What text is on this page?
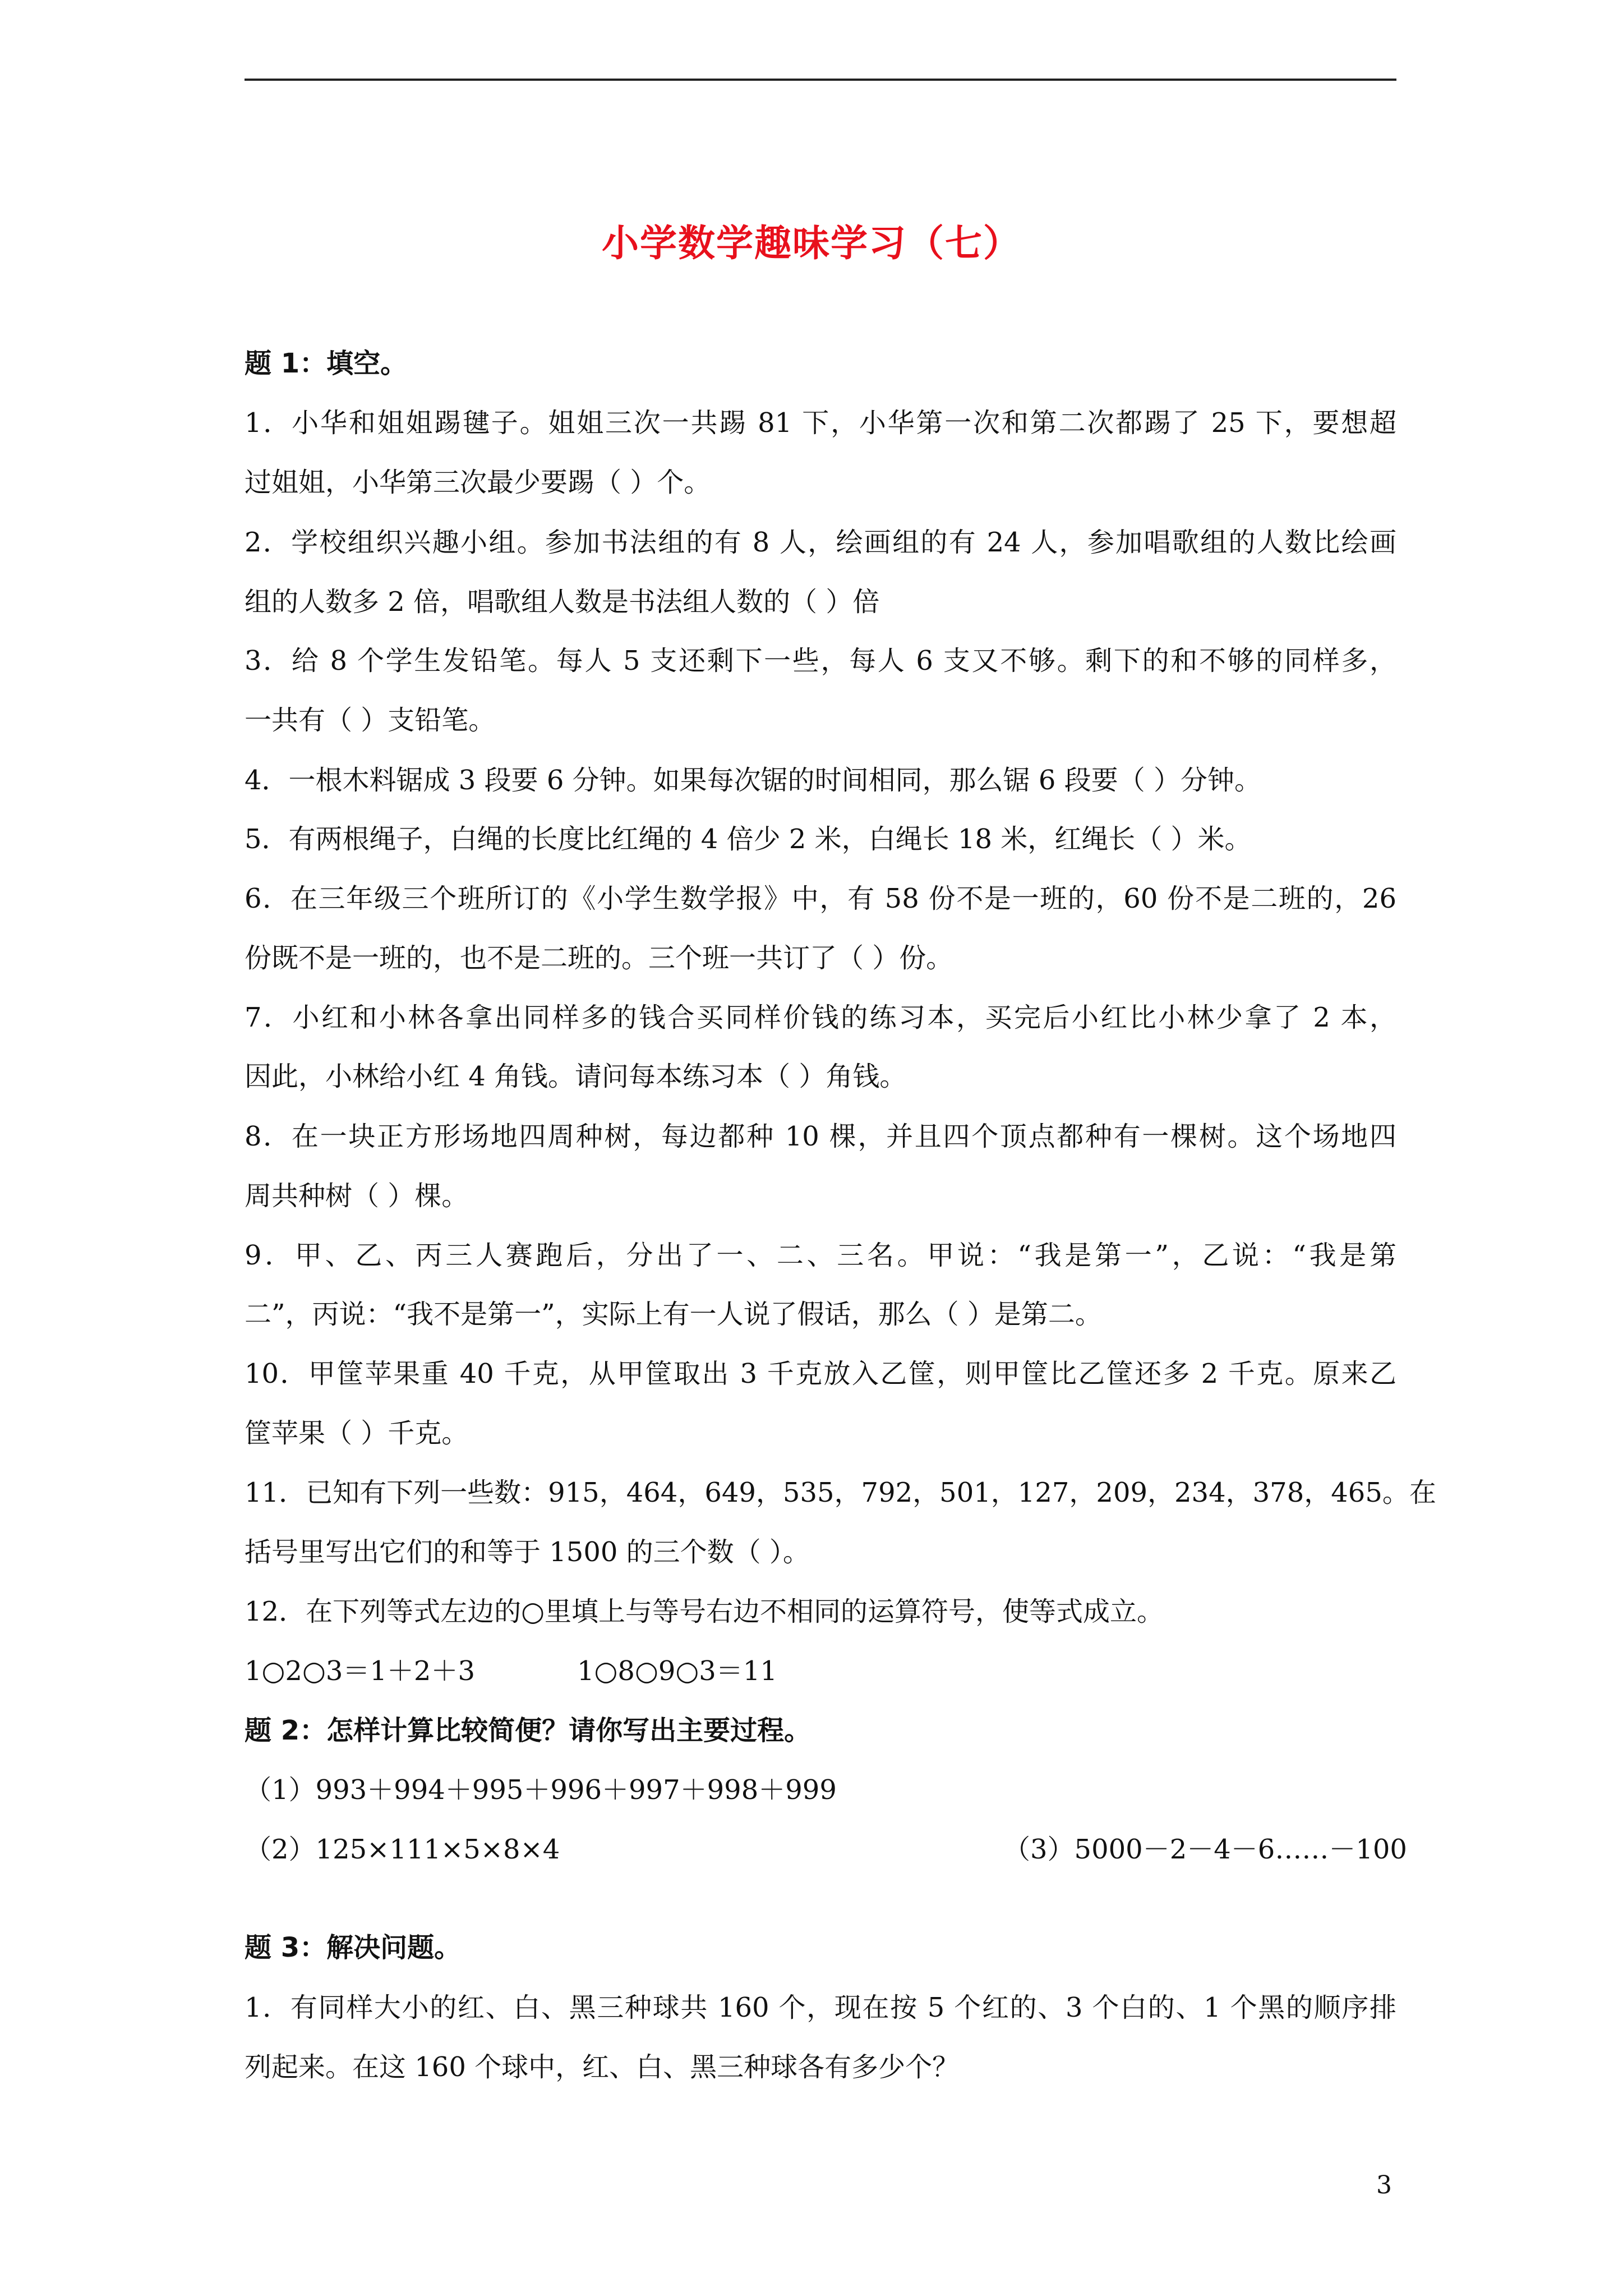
小学数学趣味学习（七）
题 1：填空。
1．小华和姐姐踢毽子。姐姐三次一共踢 81 下，小华第一次和第二次都踢了 25 下，要想超
过姐姐，小华第三次最少要踢（ ）个。
2．学校组织兴趣小组。参加书法组的有 8 人，绘画组的有 24 人，参加唱歌组的人数比绘画
组的人数多 2 倍，唱歌组人数是书法组人数的（ ）倍
3．给 8 个学生发铅笔。每人 5 支还剩下一些，每人 6 支又不够。剩下的和不够的同样多，
一共有（ ）支铅笔。
4．一根木料锯成 3 段要 6 分钟。如果每次锯的时间相同，那么锯 6 段要（ ）分钟。
5．有两根绳子，白绳的长度比红绳的 4 倍少 2 米，白绳长 18 米，红绳长（ ）米。
6．在三年级三个班所订的《小学生数学报》中，有 58 份不是一班的，60 份不是二班的，26
份既不是一班的，也不是二班的。三个班一共订了（ ）份。
7．小红和小林各拿出同样多的钱合买同样价钱的练习本，买完后小红比小林少拿了 2 本，
因此，小林给小红 4 角钱。请问每本练习本（ ）角钱。
8．在一块正方形场地四周种树，每边都种 10 棵，并且四个顶点都种有一棵树。这个场地四
周共种树（ ）棵。
9．甲、乙、丙三人赛跑后，分出了一、二、三名。甲说：“我是第一”，乙说：“我是第
二”，丙说：“我不是第一”，实际上有一人说了假话，那么（ ）是第二。
10．甲筐苹果重 40 千克，从甲筐取出 3 千克放入乙筐，则甲筐比乙筐还多 2 千克。原来乙
筐苹果（ ）千克。
11．已知有下列一些数：915，464，649，535，792，501，127，209，234，378，465。在
括号里写出它们的和等于 1500 的三个数（ ）。
12．在下列等式左边的○里填上与等号右边不相同的运算符号，使等式成立。
1○2○3＝1＋2＋3	1○8○9○3＝11
题 2：怎样计算比较简便？请你写出主要过程。
（1）993＋994＋995＋996＋997＋998＋999
（2）125×111×5×8×4	（3）5000－2－4－6……－100
题 3：解决问题。
1．有同样大小的红、白、黑三种球共 160 个，现在按 5 个红的、3 个白的、1 个黑的顺序排
列起来。在这 160 个球中，红、白、黑三种球各有多少个？
3
